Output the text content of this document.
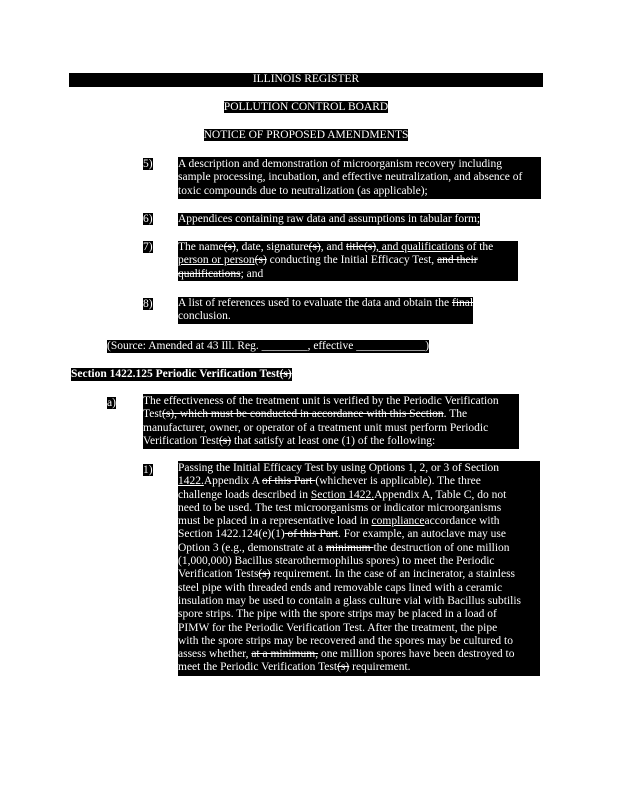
ILLINOIS REGISTER
POLLUTION CONTROL BOARD
NOTICE OF PROPOSED AMENDMENTS
5) A description and demonstration of microorganism recovery including
sample processing, incubation, and effective neutralization, and absence of
toxic compounds due to neutralization (as applicable);
6) Appendices containing raw data and assumptions in tabular form;
7) The name(s), date, signature(s), and title(s), and qualifications of the
person or person(s) conducting the Initial Efficacy Test, and their
qualifications; and
8) A list of references used to evaluate the data and obtain the final
conclusion.
(Source: Amended at 43 Ill. Reg. ________, effective ____________)
Section 1422.125 Periodic Verification Test(s)
a) The effectiveness of the treatment unit is verified by the Periodic Verification
Test(s), which must be conducted in accordance with this Section. The
manufacturer, owner, or operator of a treatment unit must perform Periodic
Verification Test(s) that satisfy at least one (1) of the following:
1) Passing the Initial Efficacy Test by using Options 1, 2, or 3 of Section
1422.Appendix A of this Part (whichever is applicable). The three
challenge loads described in Section 1422.Appendix A, Table C, do not
need to be used. The test microorganisms or indicator microorganisms
must be placed in a representative load in complianceaccordance with
Section 1422.124(e)(1) of this Part. For example, an autoclave may use
Option 3 (e.g., demonstrate at a minimum the destruction of one million
(1,000,000) Bacillus stearothermophilus spores) to meet the Periodic
Verification Tests(s) requirement. In the case of an incinerator, a stainless
steel pipe with threaded ends and removable caps lined with a ceramic
insulation may be used to contain a glass culture vial with Bacillus subtilis
spore strips. The pipe with the spore strips may be placed in a load of
PIMW for the Periodic Verification Test. After the treatment, the pipe
with the spore strips may be recovered and the spores may be cultured to
assess whether, at a minimum, one million spores have been destroyed to
meet the Periodic Verification Test(s) requirement.
